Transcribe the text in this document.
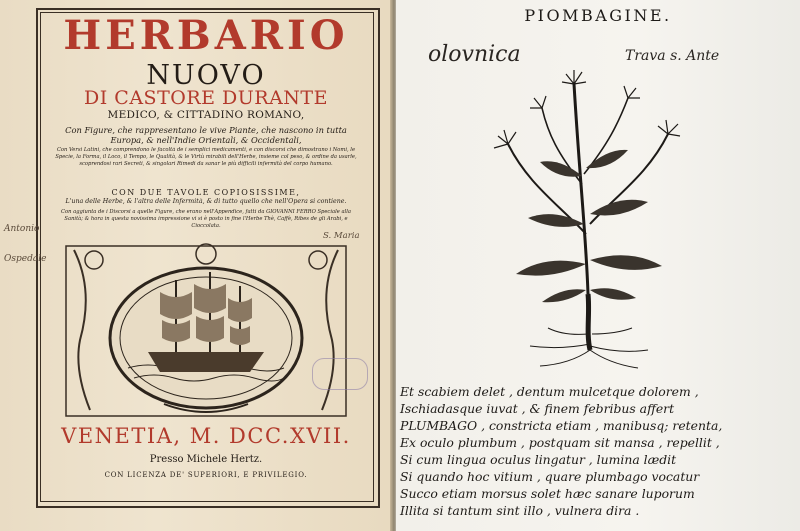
HERBARIO
NUOVO
DI CASTORE DURANTE
MEDICO, & CITTADINO ROMANO,
Con Figure, che rappresentano le vive Piante, che nascono in tutta Europa, & nell'Indie Orientali, & Occidentali,
Con Versi Latini, che comprendono le facoltà de i semplici medicamenti, e con discorsi che dimostrano i Nomi, le Specie, la Forma, il Loco, il Tempo, le Qualità, & le Virtù mirabili dell'Herbe, insieme col peso, & ordine da usarle, scoprendosi rari Secreti, & singolari Rimedi da sanar le più difficili infermità del corpo humano.
CON DUE TAVOLE COPIOSISSIME,
L'una delle Herbe, & l'altra delle Infermità, & di tutto quello che nell'Opera si contiene.
Con aggiunta de i Discorsi a quelle Figure, che erano nell'Appendice, fatti da GIOVANNI FERRO Speciale alla Sanità; & hora in questa novissima impressione vi si è posto in fine l'Herbe Thè, Caffè, Ribes de gli Arabi, e Cioccolata.
Antonio
Ospedale
S. Maria
VENETIA, M. DCC.XVII.
Presso Michele Hertz.
CON LICENZA DE' SUPERIORI, E PRIVILEGIO.
PIOMBAGINE.
olovnica	Trava s. Ante
Et scabiem delet , dentum mulcetque dolorem ,
Ischiadasque iuvat , & finem febribus affert
PLUMBAGO , constricta etiam , manibusq; retenta,
Ex oculo plumbum , postquam sit mansa , repellit ,
Si cum lingua oculus lingatur , lumina lædit
Si quando hoc vitium , quare plumbago vocatur
Succo etiam morsus solet hæc sanare luporum
Illita si tantum sint illo , vulnera dira .
